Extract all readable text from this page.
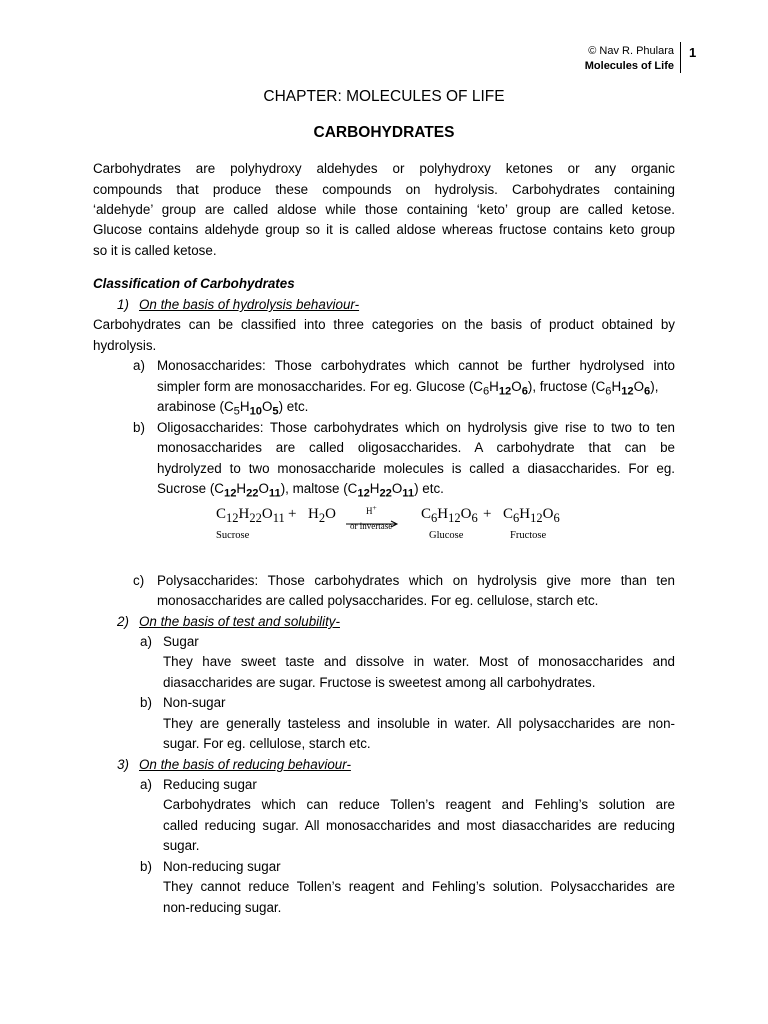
© Nav R. Phulara
Molecules of Life
1
CHAPTER: MOLECULES OF LIFE
CARBOHYDRATES
Carbohydrates are polyhydroxy aldehydes or polyhydroxy ketones or any organic
compounds that produce these compounds on hydrolysis. Carbohydrates containing
‘aldehyde’ group are called aldose while those containing ‘keto’ group are called ketose.
Glucose contains aldehyde group so it is called aldose whereas fructose contains keto group
so it is called ketose.
Classification of Carbohydrates
1) On the basis of hydrolysis behaviour-
Carbohydrates can be classified into three categories on the basis of product obtained by
hydrolysis.
a) Monosaccharides: Those carbohydrates which cannot be further hydrolysed into
simpler form are monosaccharides. For eg. Glucose $(C_6H_{12}O_6)$, fructose $(C_6H_{12}O_6)$,
arabinose $(C_5H_{10}O_5)$ etc.
b) Oligosaccharides: Those carbohydrates which on hydrolysis give rise to two to ten
monosaccharides are called oligosaccharides. A carbohydrate that can be
hydrolyzed to two monosaccharide molecules is called a diasaccharides. For eg.
Sucrose $(C_{12}H_{22}O_{11})$, maltose $(C_{12}H_{22}O_{11})$ etc.
$C_{12}H_{22}O_{11} + H_2O$	H+
or invertase
$C_6H_{12}O_6 + C_6H_{12}O_6$
Sucrose	Glucose	Fructose
c) Polysaccharides: Those carbohydrates which on hydrolysis give more than ten
monosaccharides are called polysaccharides. For eg. cellulose, starch etc.
2) On the basis of test and solubility-
a) Sugar
They have sweet taste and dissolve in water. Most of monosaccharides and
diasaccharides are sugar. Fructose is sweetest among all carbohydrates.
b) Non-sugar
They are generally tasteless and insoluble in water. All polysaccharides are non-
sugar. For eg. cellulose, starch etc.
3) On the basis of reducing behaviour-
a) Reducing sugar
Carbohydrates which can reduce Tollen’s reagent and Fehling’s solution are
called reducing sugar. All monosaccharides and most diasaccharides are reducing
sugar.
b) Non-reducing sugar
They cannot reduce Tollen’s reagent and Fehling’s solution. Polysaccharides are
non-reducing sugar.
